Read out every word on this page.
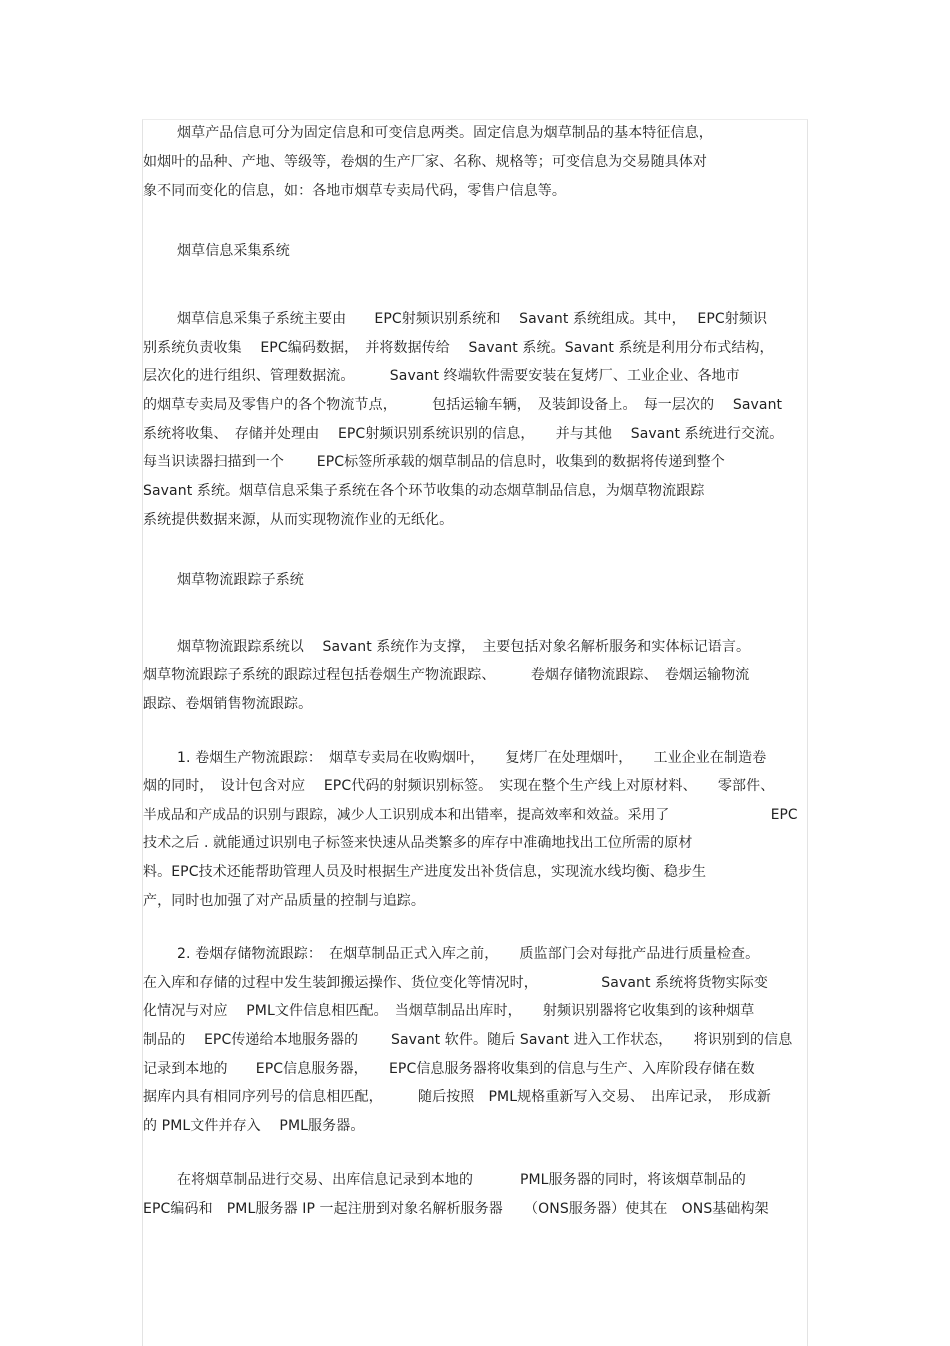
烟草产品信息可分为固定信息和可变信息两类。固定信息为烟草制品的基本特征信息，
如烟叶的品种、产地、等级等，卷烟的生产厂家、名称、规格等；可变信息为交易随具体对
象不同而变化的信息，如：各地市烟草专卖局代码，零售户信息等。
烟草信息采集系统
烟草信息采集子系统主要由　　EPC射频识别系统和　 Savant 系统组成。其中，　 EPC射频识
别系统负责收集　 EPC编码数据，　并将数据传给　 Savant 系统。Savant 系统是利用分布式结构，
层次化的进行组织、管理数据流。　　　Savant 终端软件需要安装在复烤厂、工业企业、各地市
的烟草专卖局及零售户的各个物流节点，　　　包括运输车辆，　及装卸设备上。　每一层次的　 Savant
系统将收集、　存储并处理由　 EPC射频识别系统识别的信息，　　并与其他　 Savant 系统进行交流。
每当识读器扫描到一个　　 EPC标签所承载的烟草制品的信息时，收集到的数据将传递到整个
Savant 系统。烟草信息采集子系统在各个环节收集的动态烟草制品信息，为烟草物流跟踪
系统提供数据来源，从而实现物流作业的无纸化。
烟草物流跟踪子系统
烟草物流跟踪系统以　 Savant 系统作为支撑，　主要包括对象名解析服务和实体标记语言。
烟草物流跟踪子系统的跟踪过程包括卷烟生产物流跟踪、　　　卷烟存储物流跟踪、　卷烟运输物流
跟踪、卷烟销售物流跟踪。
1. 卷烟生产物流跟踪：　烟草专卖局在收购烟叶，　　复烤厂在处理烟叶，　　工业企业在制造卷
烟的同时，　设计包含对应　 EPC代码的射频识别标签。　实现在整个生产线上对原材料、　　零部件、
半成品和产成品的识别与跟踪，减少人工识别成本和出错率，提高效率和效益。采用了　　　　　　　 EPC
技术之后 . 就能通过识别电子标签来快速从品类繁多的库存中准确地找出工位所需的原材
料。EPC技术还能帮助管理人员及时根据生产进度发出补货信息，实现流水线均衡、稳步生
产，同时也加强了对产品质量的控制与追踪。
2. 卷烟存储物流跟踪：　在烟草制品正式入库之前，　　质监部门会对每批产品进行质量检查。
在入库和存储的过程中发生装卸搬运操作、货位变化等情况时，　　　　　Savant 系统将货物实际变
化情况与对应　 PML文件信息相匹配。　当烟草制品出库时，　　射频识别器将它收集到的该种烟草
制品的　 EPC传递给本地服务器的　　 Savant 软件。随后 Savant 进入工作状态，　　将识别到的信息
记录到本地的　　EPC信息服务器，　　EPC信息服务器将收集到的信息与生产、入库阶段存储在数
据库内具有相同序列号的信息相匹配，　　　随后按照　PML规格重新写入交易、　出库记录，　形成新
的 PML文件并存入　 PML服务器。
在将烟草制品进行交易、出库信息记录到本地的　　　 PML服务器的同时，将该烟草制品的
EPC编码和　PML服务器 IP 一起注册到对象名解析服务器　　（ONS服务器）使其在　ONS基础构架
